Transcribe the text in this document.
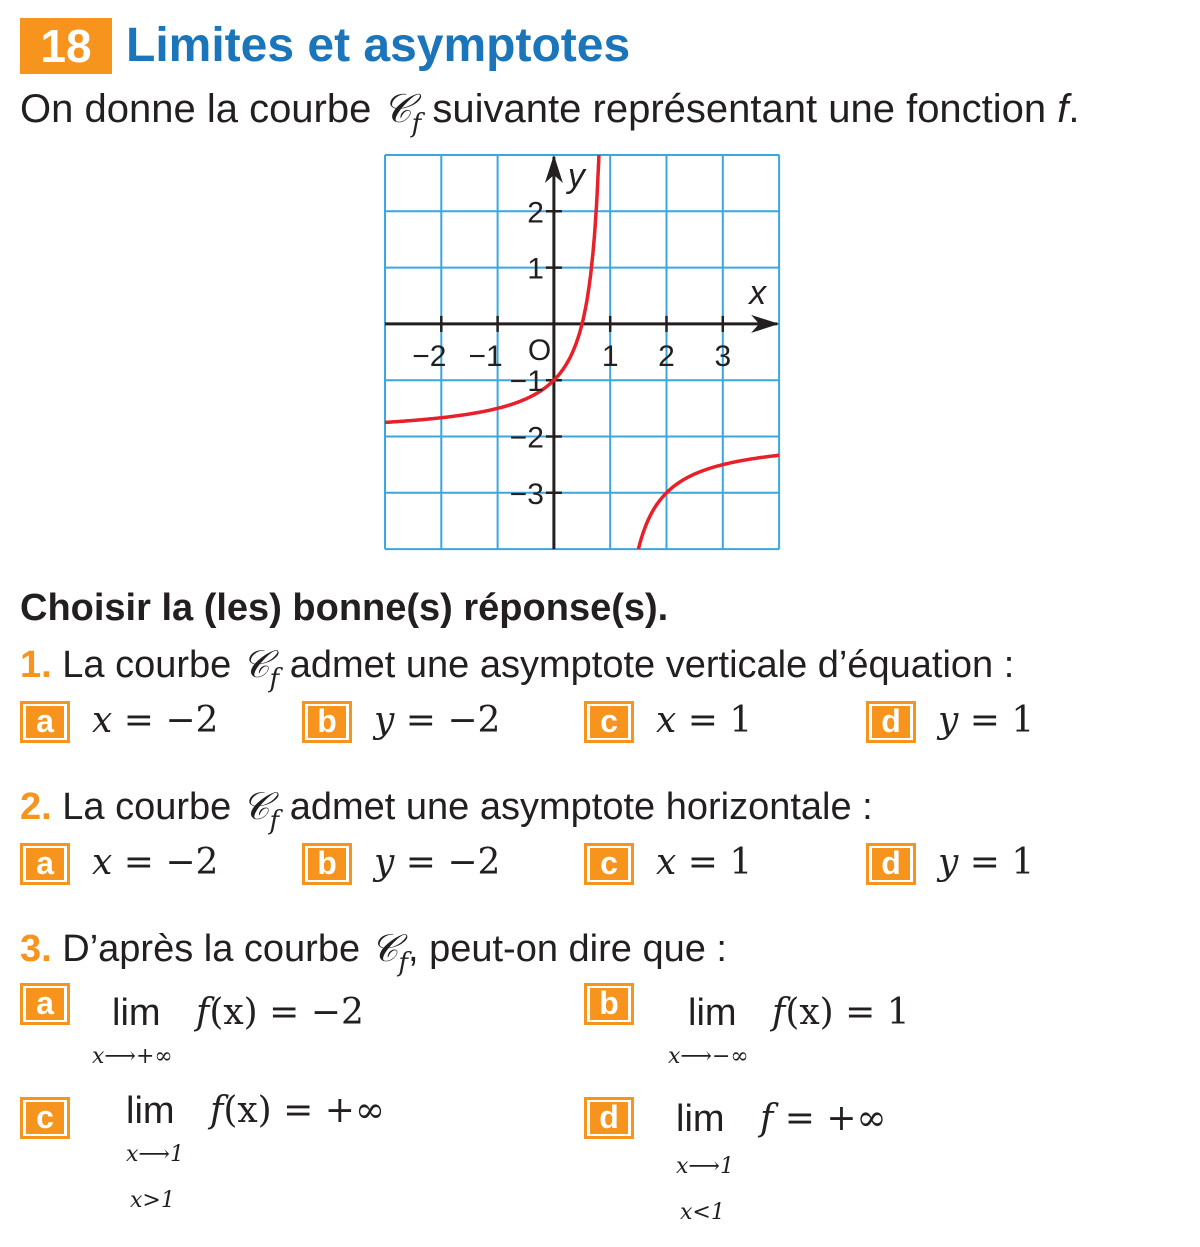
18 Limites et asymptotes
On donne la courbe 𝒞$_f$ suivante représentant une fonction f.
−2 −1	1 2 3
2
1
−1
−2
−3
O
x
y
Choisir la (les) bonne(s) réponse(s).
1. La courbe 𝒞$_f$ admet une asymptote verticale d’équation :
2. La courbe 𝒞$_f$ admet une asymptote horizontale :
3. D’après la courbe 𝒞$_f$, peut-on dire que :
a x = −2	b y = −2	c x = 1	d y = 1
a x = −2	b y = −2	c x = 1	d y = 1
a lim f(x) = −2
x⟶+∞
b lim f(x) = 1
x⟶−∞
c lim f(x) = +∞
x⟶1
x>1
d lim f = +∞
x⟶1
x<1
